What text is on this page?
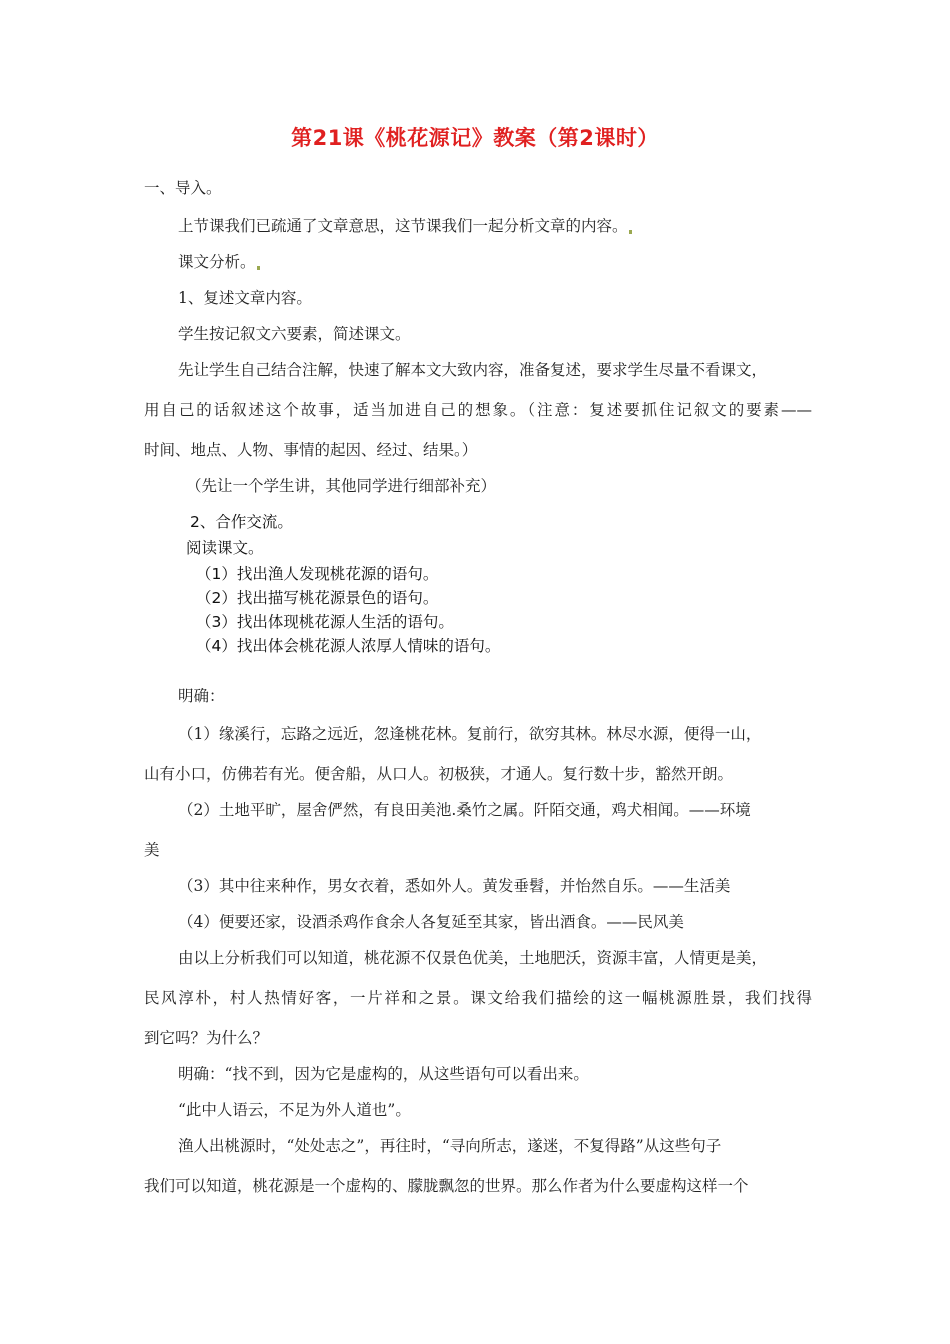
第21课《桃花源记》教案（第2课时）
一、导入。
上节课我们已疏通了文章意思，这节课我们一起分析文章的内容。
课文分析。
1、复述文章内容。
学生按记叙文六要素，简述课文。
先让学生自己结合注解，快速了解本文大致内容，准备复述，要求学生尽量不看课文，
用自己的话叙述这个故事，适当加进自己的想象。（注意：复述要抓住记叙文的要素——
时间、地点、人物、事情的起因、经过、结果。）
（先让一个学生讲，其他同学进行细部补充）
2、合作交流。
阅读课文。
（1）找出渔人发现桃花源的语句。
（2）找出描写桃花源景色的语句。
（3）找出体现桃花源人生活的语句。
（4）找出体会桃花源人浓厚人情味的语句。
明确：
（1）缘溪行，忘路之远近，忽逢桃花林。复前行，欲穷其林。林尽水源，便得一山，
山有小口，仿佛若有光。便舍船，从口人。初极狭，才通人。复行数十步，豁然开朗。
（2）土地平旷，屋舍俨然，有良田美池.桑竹之属。阡陌交通，鸡犬相闻。——环境
美
（3）其中往来种作，男女衣着，悉如外人。黄发垂髫，并怡然自乐。——生活美
（4）便要还家，设酒杀鸡作食余人各复延至其家，皆出酒食。——民风美
由以上分析我们可以知道，桃花源不仅景色优美，土地肥沃，资源丰富，人情更是美，
民风淳朴，村人热情好客，一片祥和之景。课文给我们描绘的这一幅桃源胜景，我们找得
到它吗？为什么？
明确：“找不到，因为它是虚构的，从这些语句可以看出来。
“此中人语云，不足为外人道也”。
渔人出桃源时，“处处志之”，再往时，“寻向所志，遂迷，不复得路”从这些句子
我们可以知道，桃花源是一个虚构的、朦胧飘忽的世界。那么作者为什么要虚构这样一个
